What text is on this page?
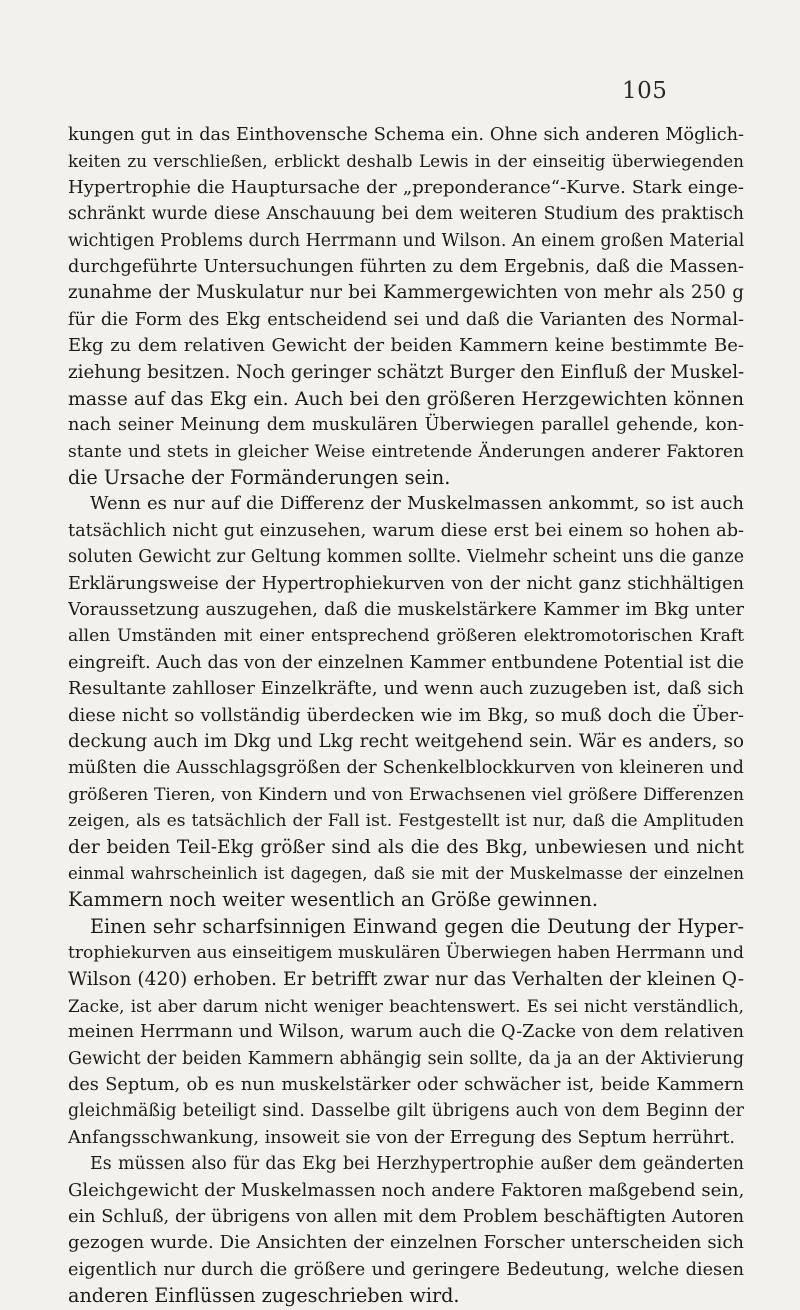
105
kungen gut in das Einthovensche Schema ein. Ohne sich anderen Möglich-
keiten zu verschließen, erblickt deshalb Lewis in der einseitig überwiegenden
Hypertrophie die Hauptursache der „preponderance“-Kurve. Stark einge-
schränkt wurde diese Anschauung bei dem weiteren Studium des praktisch
wichtigen Problems durch Herrmann und Wilson. An einem großen Material
durchgeführte Untersuchungen führten zu dem Ergebnis, daß die Massen-
zunahme der Muskulatur nur bei Kammergewichten von mehr als 250 g
für die Form des Ekg entscheidend sei und daß die Varianten des Normal-
Ekg zu dem relativen Gewicht der beiden Kammern keine bestimmte Be-
ziehung besitzen. Noch geringer schätzt Burger den Einfluß der Muskel-
masse auf das Ekg ein. Auch bei den größeren Herzgewichten können
nach seiner Meinung dem muskulären Überwiegen parallel gehende, kon-
stante und stets in gleicher Weise eintretende Änderungen anderer Faktoren
die Ursache der Formänderungen sein.
Wenn es nur auf die Differenz der Muskelmassen ankommt, so ist auch
tatsächlich nicht gut einzusehen, warum diese erst bei einem so hohen ab-
soluten Gewicht zur Geltung kommen sollte. Vielmehr scheint uns die ganze
Erklärungsweise der Hypertrophiekurven von der nicht ganz stichhältigen
Voraussetzung auszugehen, daß die muskelstärkere Kammer im Bkg unter
allen Umständen mit einer entsprechend größeren elektromotorischen Kraft
eingreift. Auch das von der einzelnen Kammer entbundene Potential ist die
Resultante zahlloser Einzelkräfte, und wenn auch zuzugeben ist, daß sich
diese nicht so vollständig überdecken wie im Bkg, so muß doch die Über-
deckung auch im Dkg und Lkg recht weitgehend sein. Wär es anders, so
müßten die Ausschlagsgrößen der Schenkelblockkurven von kleineren und
größeren Tieren, von Kindern und von Erwachsenen viel größere Differenzen
zeigen, als es tatsächlich der Fall ist. Festgestellt ist nur, daß die Amplituden
der beiden Teil-Ekg größer sind als die des Bkg, unbewiesen und nicht
einmal wahrscheinlich ist dagegen, daß sie mit der Muskelmasse der einzelnen
Kammern noch weiter wesentlich an Größe gewinnen.
Einen sehr scharfsinnigen Einwand gegen die Deutung der Hyper-
trophiekurven aus einseitigem muskulären Überwiegen haben Herrmann und
Wilson (420) erhoben. Er betrifft zwar nur das Verhalten der kleinen Q-
Zacke, ist aber darum nicht weniger beachtenswert. Es sei nicht verständlich,
meinen Herrmann und Wilson, warum auch die Q-Zacke von dem relativen
Gewicht der beiden Kammern abhängig sein sollte, da ja an der Aktivierung
des Septum, ob es nun muskelstärker oder schwächer ist, beide Kammern
gleichmäßig beteiligt sind. Dasselbe gilt übrigens auch von dem Beginn der
Anfangsschwankung, insoweit sie von der Erregung des Septum herrührt.
Es müssen also für das Ekg bei Herzhypertrophie außer dem geänderten
Gleichgewicht der Muskelmassen noch andere Faktoren maßgebend sein,
ein Schluß, der übrigens von allen mit dem Problem beschäftigten Autoren
gezogen wurde. Die Ansichten der einzelnen Forscher unterscheiden sich
eigentlich nur durch die größere und geringere Bedeutung, welche diesen
anderen Einflüssen zugeschrieben wird.
